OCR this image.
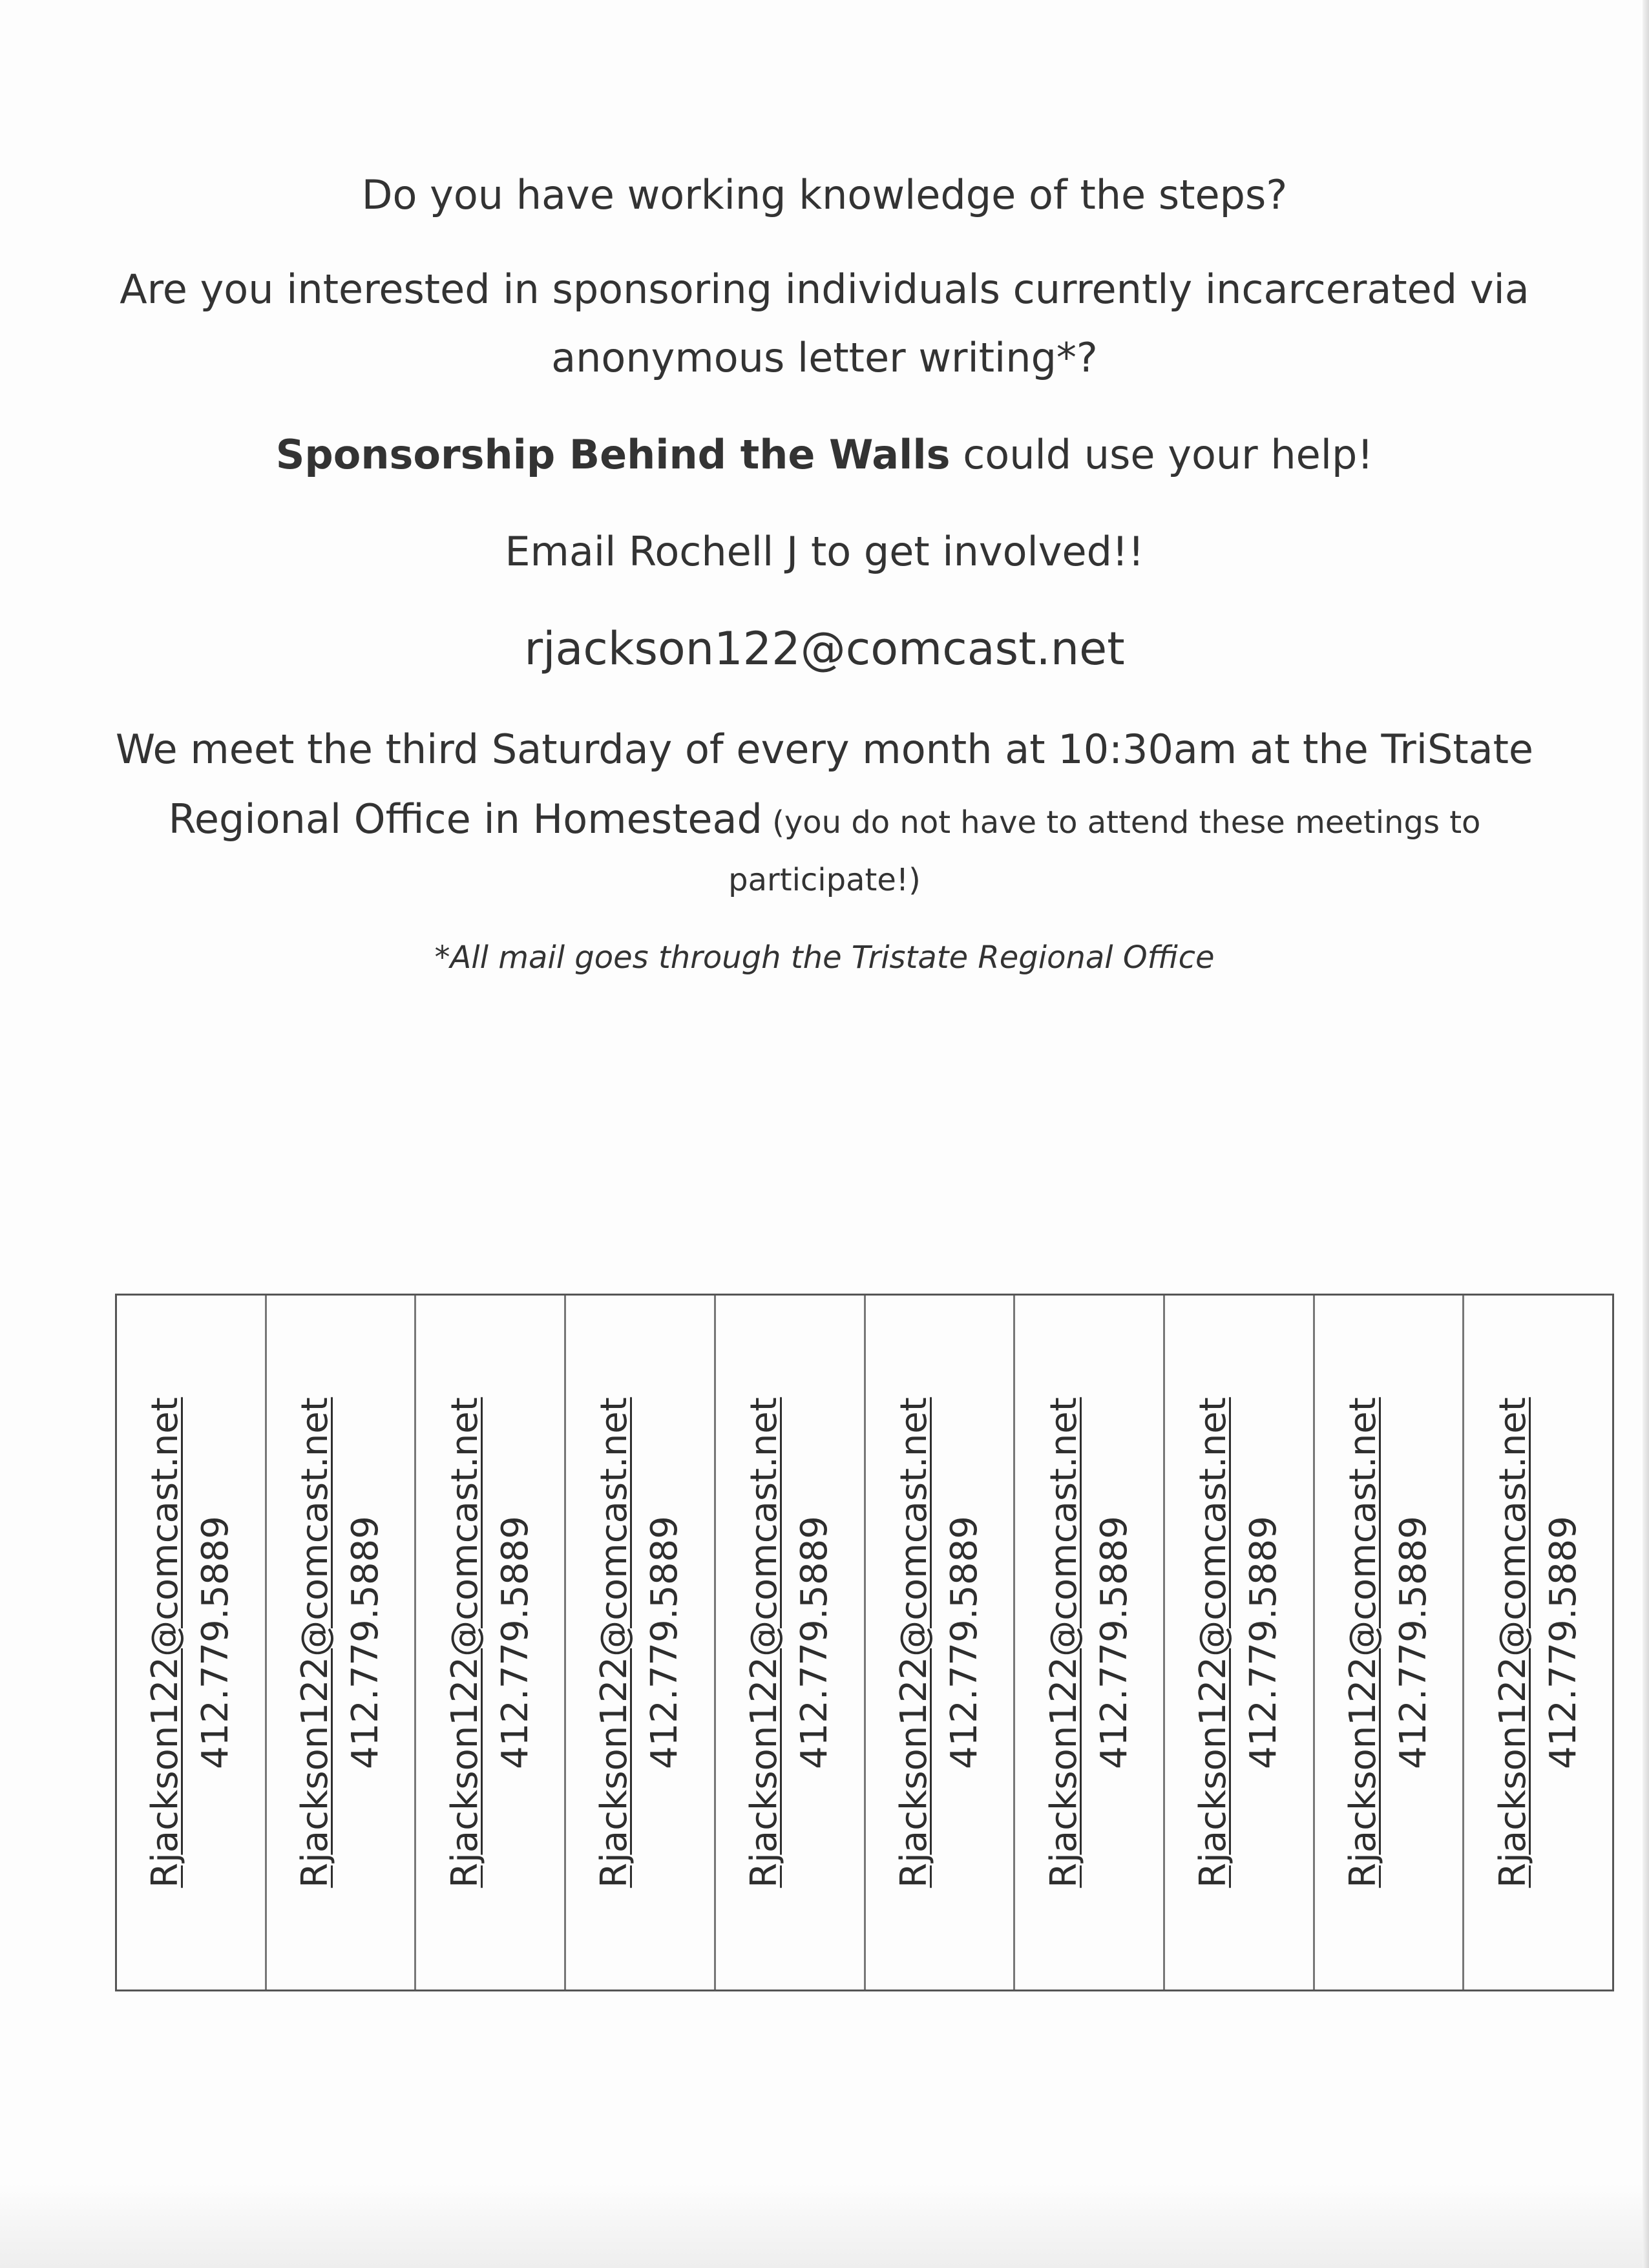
Do you have working knowledge of the steps?
Are you interested in sponsoring individuals currently incarcerated via
anonymous letter writing*?
Sponsorship Behind the Walls could use your help!
Email Rochell J to get involved!!
rjackson122@comcast.net
We meet the third Saturday of every month at 10:30am at the TriState
Regional Office in Homestead (you do not have to attend these meetings to
participate!)
*All mail goes through the Tristate Regional Office
Rjackson122@comcast.net 412.779.5889 Rjackson122@comcast.net 412.779.5889 Rjackson122@comcast.net 412.779.5889 Rjackson122@comcast.net 412.779.5889 Rjackson122@comcast.net 412.779.5889 Rjackson122@comcast.net 412.779.5889 Rjackson122@comcast.net 412.779.5889 Rjackson122@comcast.net 412.779.5889 Rjackson122@comcast.net 412.779.5889 Rjackson122@comcast.net 412.779.5889
